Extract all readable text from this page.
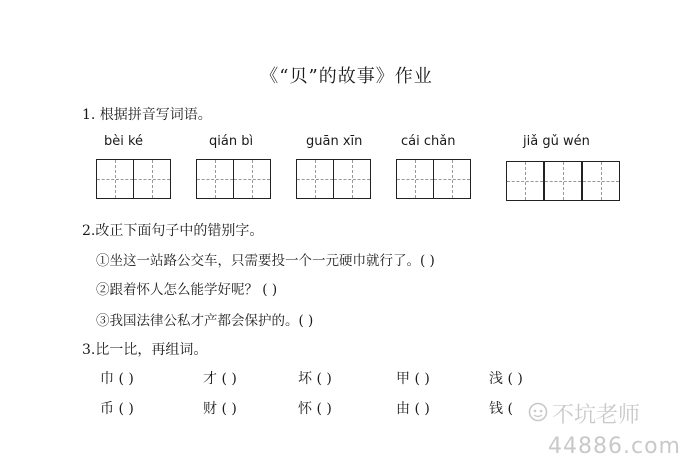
《“贝”的故事》作业
1. 根据拼音写词语。
bèi ké	qián bì	guān xīn	cái chǎn	jiǎ gǔ wén
2.改正下面句子中的错别字。
①坐这一站路公交车，只需要投一个一元硬巾就行了。( )
②跟着怀人怎么能学好呢？ ( )
③我国法律公私才产都会保护的。( )
3.比一比，再组词。
巾 ( )	才 ( )	坏 ( )	甲 ( )	浅 ( )
币 ( )	财 ( )	怀 ( )	由 ( )	钱 ( 不坑老师
44886.com
